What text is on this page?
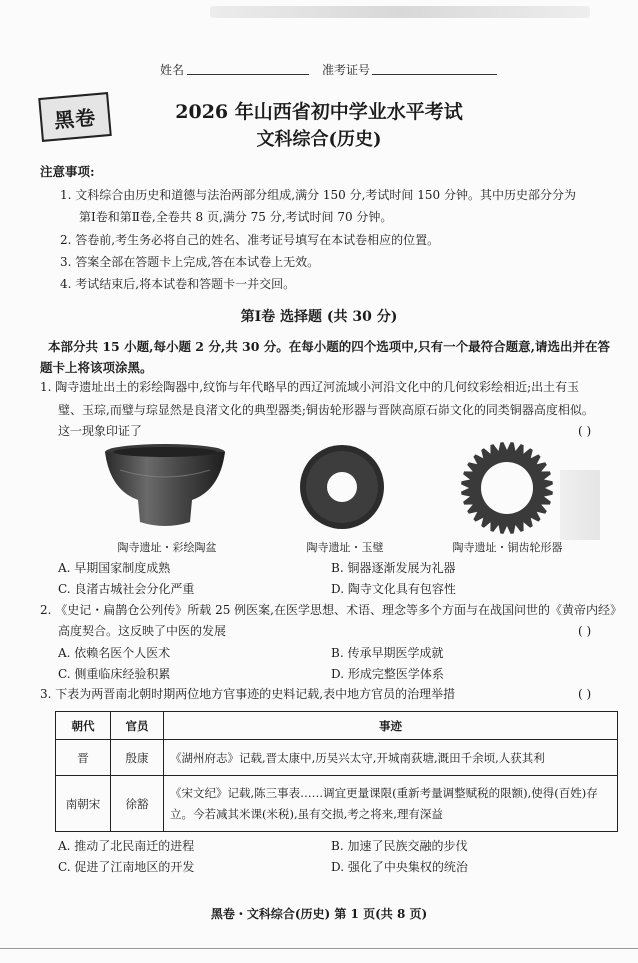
姓名	准考证号
黑卷	2026 年山西省初中学业水平考试
文科综合(历史)
注意事项:
1. 文科综合由历史和道德与法治两部分组成,满分 150 分,考试时间 150 分钟。其中历史部分分为
第Ⅰ卷和第Ⅱ卷,全卷共 8 页,满分 75 分,考试时间 70 分钟。
2. 答卷前,考生务必将自己的姓名、准考证号填写在本试卷相应的位置。
3. 答案全部在答题卡上完成,答在本试卷上无效。
4. 考试结束后,将本试卷和答题卡一并交回。
第Ⅰ卷 选择题 (共 30 分)
本部分共 15 小题,每小题 2 分,共 30 分。在每小题的四个选项中,只有一个最符合题意,请选出并在答
题卡上将该项涂黑。
1. 陶寺遗址出土的彩绘陶器中,纹饰与年代略早的西辽河流域小河沿文化中的几何纹彩绘相近;出土有玉
璧、玉琮,而璧与琮显然是良渚文化的典型器类;铜齿轮形器与晋陕高原石峁文化的同类铜器高度相似。
这一现象印证了	( )
陶寺遗址・彩绘陶盆	陶寺遗址・玉璧	陶寺遗址・铜齿轮形器
A. 早期国家制度成熟	B. 铜器逐渐发展为礼器
C. 良渚古城社会分化严重	D. 陶寺文化具有包容性
2. 《史记・扁鹊仓公列传》所载 25 例医案,在医学思想、术语、理念等多个方面与在战国问世的《黄帝内经》
高度契合。这反映了中医的发展	( )
A. 依赖名医个人医术	B. 传承早期医学成就
C. 侧重临床经验积累	D. 形成完整医学体系
3. 下表为两晋南北朝时期两位地方官事迹的史料记载,表中地方官员的治理举措	( )
朝代	官员	事迹
晋	殷康	《湖州府志》记载,晋太康中,历吴兴太守,开城南荻塘,溉田千余顷,人获其利
南朝宋	徐豁	《宋文纪》记载,陈三事表……调宜更量课限(重新考量调整赋税的限额),使得(百姓)存立。今若减其米课(米税),虽有交损,考之将来,理有深益
A. 推动了北民南迁的进程	B. 加速了民族交融的步伐
C. 促进了江南地区的开发	D. 强化了中央集权的统治
黑卷・文科综合(历史) 第 1 页(共 8 页)
